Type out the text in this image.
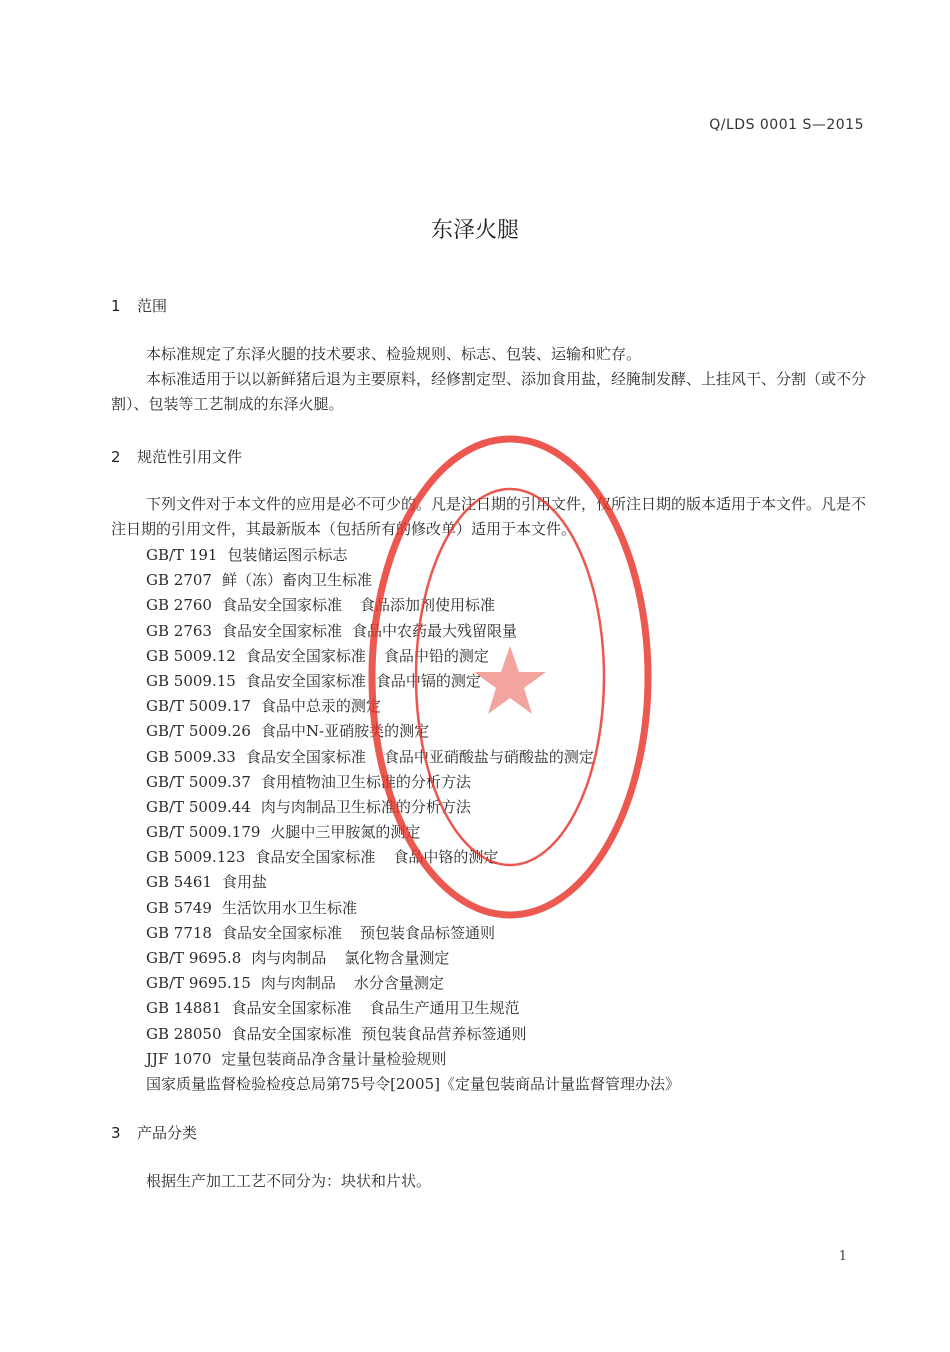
Q/LDS 0001 S—2015
东泽火腿
1 范围
本标准规定了东泽火腿的技术要求、检验规则、标志、包装、运输和贮存。
本标准适用于以以新鲜猪后退为主要原料，经修割定型、添加食用盐，经腌制发酵、上挂风干、分割（或不分割）、包装等工艺制成的东泽火腿。
2 规范性引用文件
下列文件对于本文件的应用是必不可少的。凡是注日期的引用文件，仅所注日期的版本适用于本文件。凡是不注日期的引用文件，其最新版本（包括所有的修改单）适用于本文件。
GB/T 191 包装储运图示标志
GB 2707 鲜（冻）畜肉卫生标准
GB 2760 食品安全国家标准 食品添加剂使用标准
GB 2763 食品安全国家标准 食品中农药最大残留限量
GB 5009.12 食品安全国家标准 食品中铅的测定
GB 5009.15 食品安全国家标准 食品中镉的测定
GB/T 5009.17 食品中总汞的测定
GB/T 5009.26 食品中N-亚硝胺类的测定
GB 5009.33 食品安全国家标准 食品中亚硝酸盐与硝酸盐的测定
GB/T 5009.37 食用植物油卫生标准的分析方法
GB/T 5009.44 肉与肉制品卫生标准的分析方法
GB/T 5009.179 火腿中三甲胺氮的测定
GB 5009.123 食品安全国家标准 食品中铬的测定
GB 5461 食用盐
GB 5749 生活饮用水卫生标准
GB 7718 食品安全国家标准 预包装食品标签通则
GB/T 9695.8 肉与肉制品 氯化物含量测定
GB/T 9695.15 肉与肉制品 水分含量测定
GB 14881 食品安全国家标准 食品生产通用卫生规范
GB 28050 食品安全国家标准 预包装食品营养标签通则
JJF 1070 定量包装商品净含量计量检验规则
国家质量监督检验检疫总局第75号令[2005]《定量包装商品计量监督管理办法》
3 产品分类
根据生产加工工艺不同分为：块状和片状。
1
